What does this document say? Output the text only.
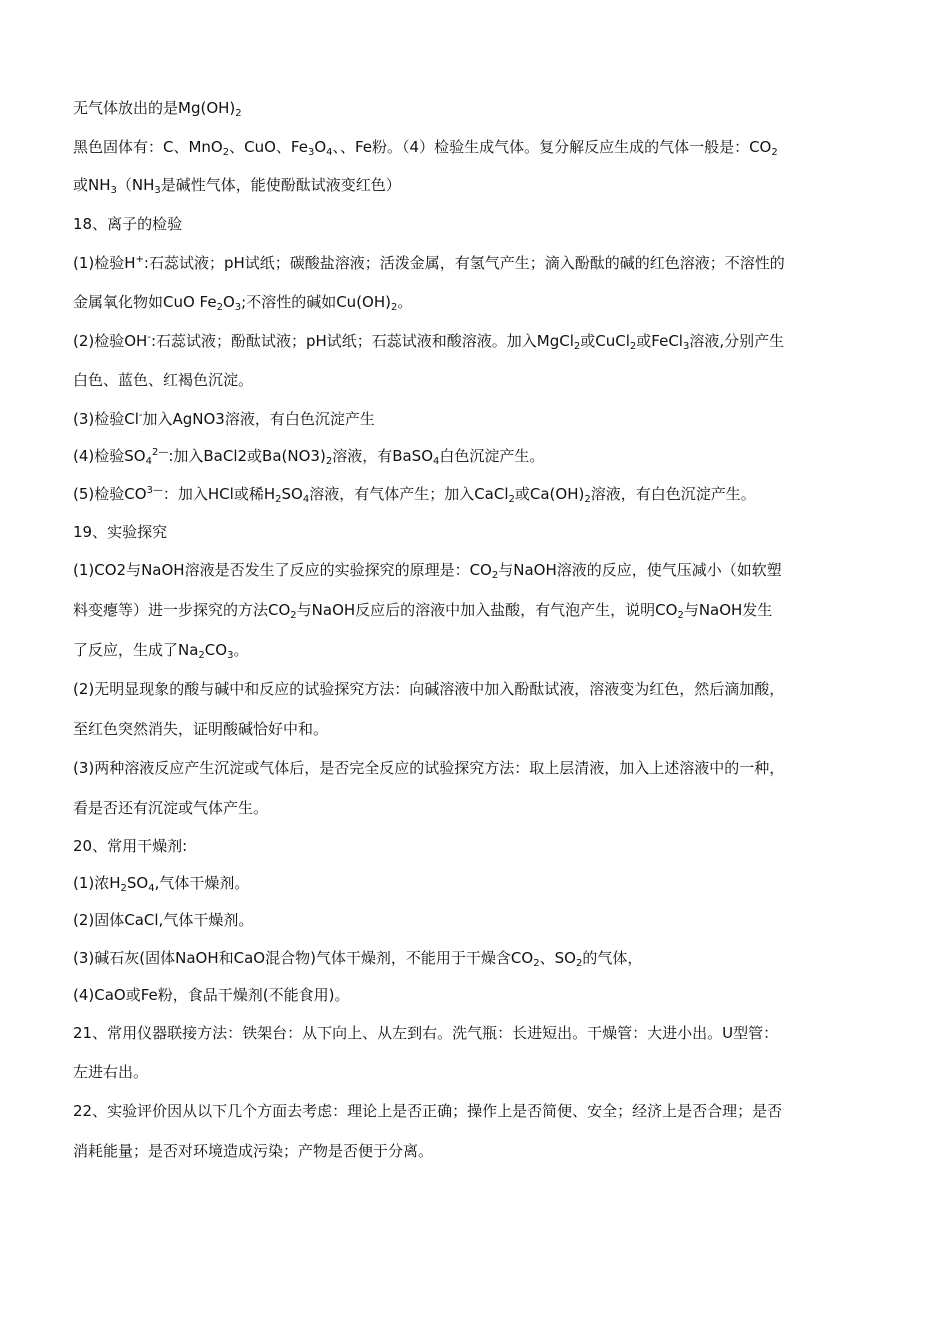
无气体放出的是$Mg(OH)_2$
黑色固体有：C、MnO$_2$、CuO、$Fe_3O_4$、、Fe粉。（4）检验生成气体。复分解反应生成的气体一般是：$CO_2$
或$NH_3(NH_3$是碱性气体，能使酚酞试液变红色）
18、离子的检验
(1)检验H+:石蕊试液；pH试纸；碳酸盐溶液；活泼金属，有氢气产生；滴入酚酞的碱的红色溶液；不溶性的
金属氧化物如CuO $Fe_2O_3$;不溶性的碱如$Cu(OH)_2$。
(2)检验OH-:石蕊试液；酚酞试液；pH试纸；石蕊试液和酸溶液。加入MgCl$_2$或CuCl$_2$或FeCl$_3$溶液,分别产生
白色、蓝色、红褐色沉淀。
(3)检验Cl-加入AgNO3溶液，有白色沉淀产生
(4)检验$SO_4^{2—}$:加入BaCl2或$Ba(NO3)_2$溶液，有BaSO$_4$白色沉淀产生。
(5)检验$CO^{3—}$：加入HCl或稀$H_2SO_4$溶液，有气体产生；加入CaCl$_2$或$Ca(OH)_2$溶液，有白色沉淀产生。
19、实验探究
(1)CO2与NaOH溶液是否发生了反应的实验探究的原理是：$CO_2$与NaOH溶液的反应，使气压减小（如软塑
料变瘪等）进一步探究的方法$CO_2$与NaOH反应后的溶液中加入盐酸，有气泡产生，说明$CO_2$与NaOH发生
了反应，生成了$Na_2CO_3$。
(2)无明显现象的酸与碱中和反应的试验探究方法：向碱溶液中加入酚酞试液，溶液变为红色，然后滴加酸，
至红色突然消失，证明酸碱恰好中和。
(3)两种溶液反应产生沉淀或气体后，是否完全反应的试验探究方法：取上层清液，加入上述溶液中的一种，
看是否还有沉淀或气体产生。
20、常用干燥剂:
(1)浓$H_2SO_4$,气体干燥剂。
(2)固体CaCl,气体干燥剂。
(3)碱石灰(固体NaOH和CaO混合物)气体干燥剂，不能用于干燥含$CO_2$、$SO_2$的气体，
(4)CaO或Fe粉，食品干燥剂(不能食用)。
21、常用仪器联接方法：铁架台：从下向上、从左到右。洗气瓶：长进短出。干燥管：大进小出。U型管：
左进右出。
22、实验评价因从以下几个方面去考虑：理论上是否正确；操作上是否简便、安全；经济上是否合理；是否
消耗能量；是否对环境造成污染；产物是否便于分离。
